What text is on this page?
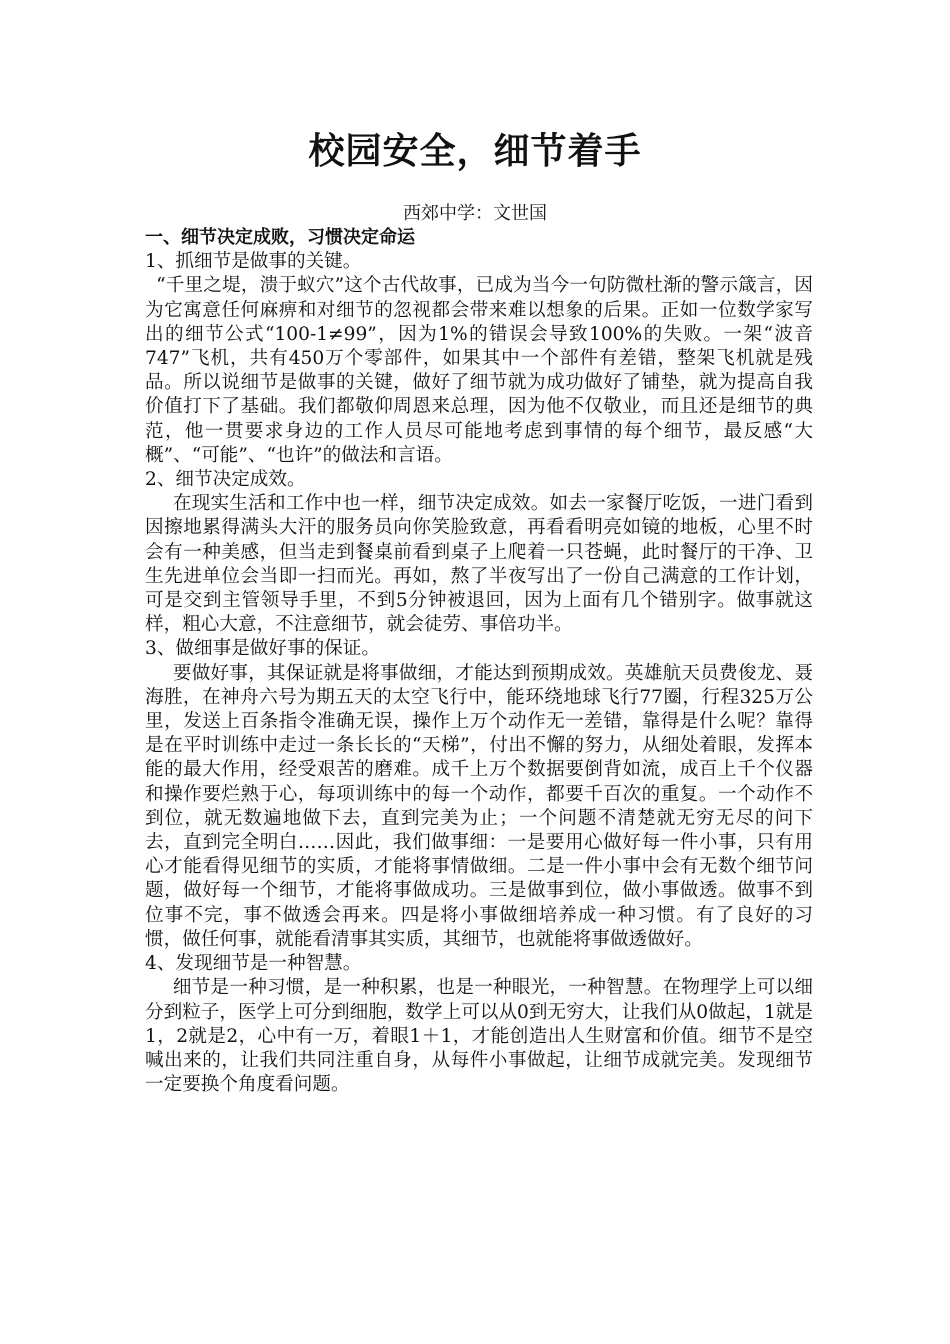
校园安全，细节着手

西郊中学：文世国

一、细节决定成败，习惯决定命运

1、抓细节是做事的关键。

“千里之堤，溃于蚁穴”这个古代故事，已成为当今一句防微杜渐的警示箴言，因为它寓意任何麻痹和对细节的忽视都会带来难以想象的后果。正如一位数学家写出的细节公式“100-1≠99”，因为1%的错误会导致100%的失败。一架“波音747”飞机，共有450万个零部件，如果其中一个部件有差错，整架飞机就是残品。所以说细节是做事的关键，做好了细节就为成功做好了铺垫，就为提高自我价值打下了基础。我们都敬仰周恩来总理，因为他不仅敬业，而且还是细节的典范，他一贯要求身边的工作人员尽可能地考虑到事情的每个细节，最反感“大概”、“可能”、“也许”的做法和言语。

2、细节决定成效。

在现实生活和工作中也一样，细节决定成效。如去一家餐厅吃饭，一进门看到因擦地累得满头大汗的服务员向你笑脸致意，再看看明亮如镜的地板，心里不时会有一种美感，但当走到餐桌前看到桌子上爬着一只苍蝇，此时餐厅的干净、卫生先进单位会当即一扫而光。再如，熬了半夜写出了一份自己满意的工作计划，可是交到主管领导手里，不到5分钟被退回，因为上面有几个错别字。做事就这样，粗心大意，不注意细节，就会徒劳、事倍功半。

3、做细事是做好事的保证。

要做好事，其保证就是将事做细，才能达到预期成效。英雄航天员费俊龙、聂海胜，在神舟六号为期五天的太空飞行中，能环绕地球飞行77圈，行程325万公里，发送上百条指令准确无误，操作上万个动作无一差错，靠得是什么呢？靠得是在平时训练中走过一条长长的“天梯”，付出不懈的努力，从细处着眼，发挥本能的最大作用，经受艰苦的磨难。成千上万个数据要倒背如流，成百上千个仪器和操作要烂熟于心，每项训练中的每一个动作，都要千百次的重复。一个动作不到位，就无数遍地做下去，直到完美为止；一个问题不清楚就无穷无尽的问下去，直到完全明白……因此，我们做事细：一是要用心做好每一件小事，只有用心才能看得见细节的实质，才能将事情做细。二是一件小事中会有无数个细节问题，做好每一个细节，才能将事做成功。三是做事到位，做小事做透。做事不到位事不完，事不做透会再来。四是将小事做细培养成一种习惯。有了良好的习惯，做任何事，就能看清事其实质，其细节，也就能将事做透做好。

4、发现细节是一种智慧。

细节是一种习惯，是一种积累，也是一种眼光，一种智慧。在物理学上可以细分到粒子，医学上可分到细胞，数学上可以从0到无穷大，让我们从0做起，1就是1，2就是2，心中有一万，着眼1＋1，才能创造出人生财富和价值。细节不是空喊出来的，让我们共同注重自身，从每件小事做起，让细节成就完美。发现细节一定要换个角度看问题。
